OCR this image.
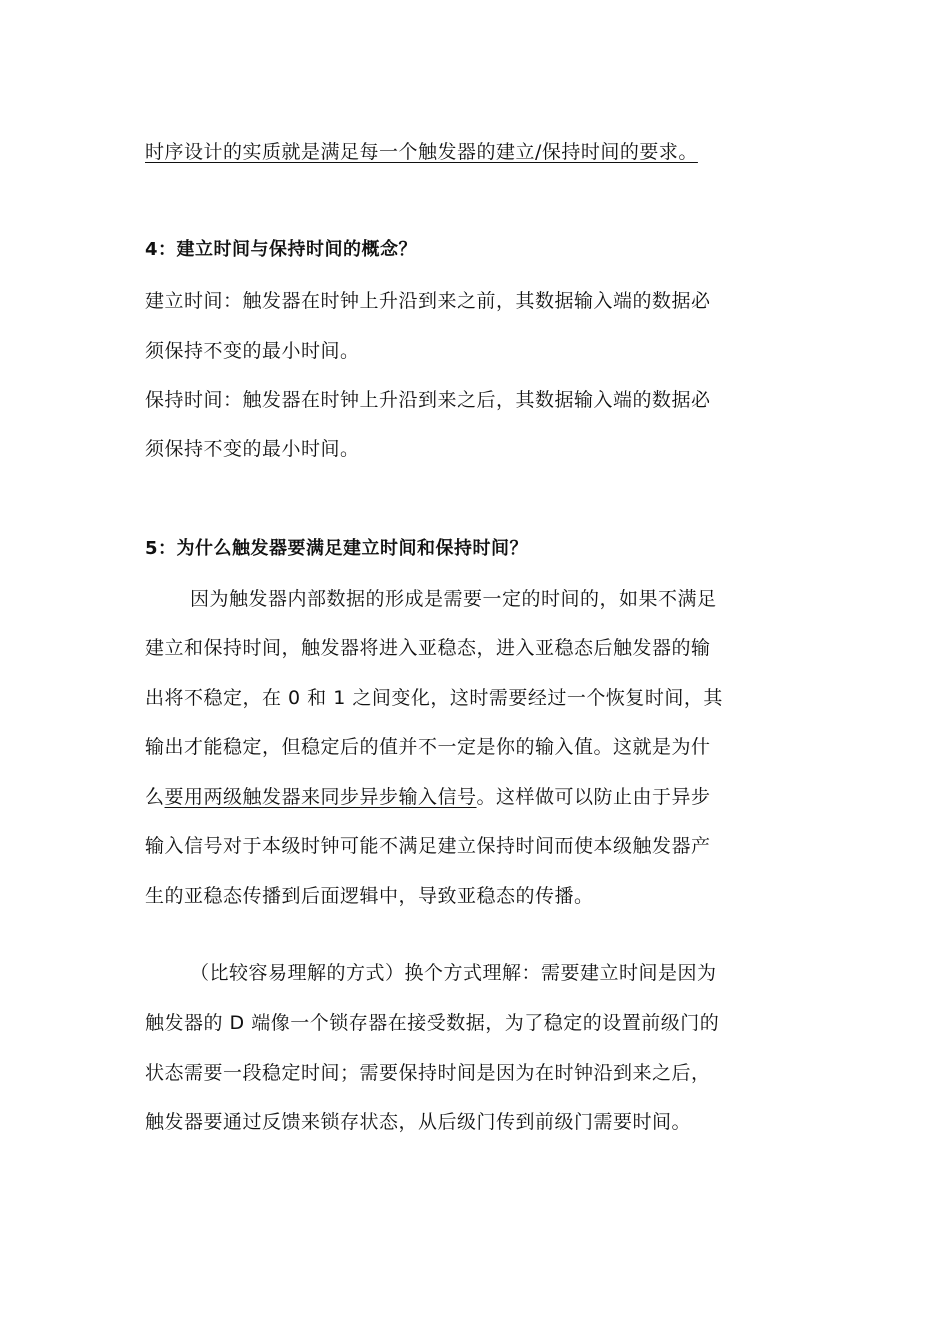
时序设计的实质就是满足每一个触发器的建立/保持时间的要求。
4：建立时间与保持时间的概念？
建立时间：触发器在时钟上升沿到来之前，其数据输入端的数据必
须保持不变的最小时间。
保持时间：触发器在时钟上升沿到来之后，其数据输入端的数据必
须保持不变的最小时间。
5：为什么触发器要满足建立时间和保持时间？
因为触发器内部数据的形成是需要一定的时间的，如果不满足
建立和保持时间，触发器将进入亚稳态，进入亚稳态后触发器的输
出将不稳定，在 0 和 1 之间变化，这时需要经过一个恢复时间，其
输出才能稳定，但稳定后的值并不一定是你的输入值。这就是为什
么要用两级触发器来同步异步输入信号。这样做可以防止由于异步
输入信号对于本级时钟可能不满足建立保持时间而使本级触发器产
生的亚稳态传播到后面逻辑中，导致亚稳态的传播。
（比较容易理解的方式）换个方式理解：需要建立时间是因为
触发器的 D 端像一个锁存器在接受数据，为了稳定的设置前级门的
状态需要一段稳定时间；需要保持时间是因为在时钟沿到来之后，
触发器要通过反馈来锁存状态，从后级门传到前级门需要时间。
